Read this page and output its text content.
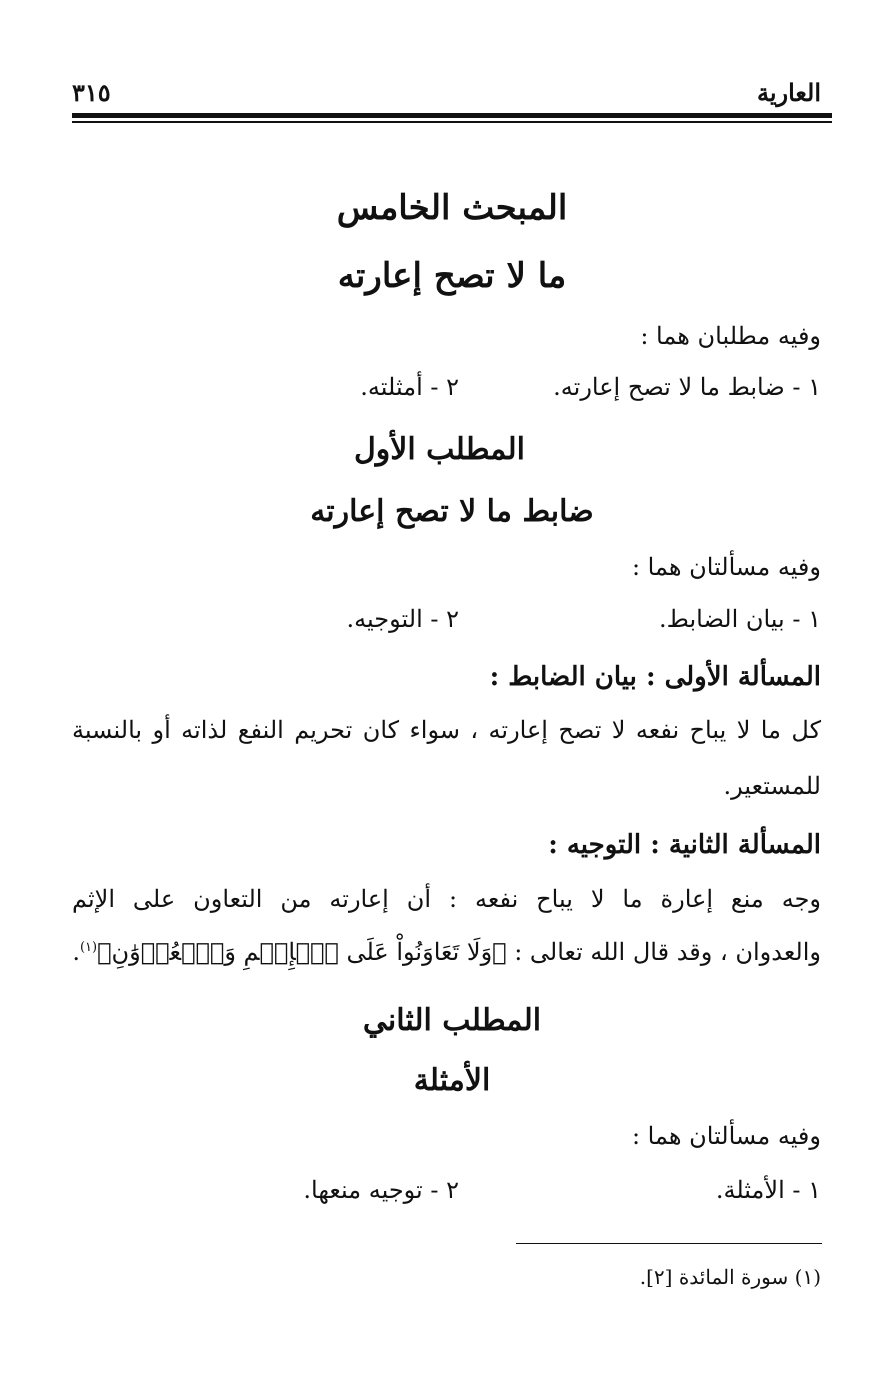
العارية
٣١٥
المبحث الخامس
ما لا تصح إعارته
وفيه مطلبان هما :
١ - ضابط ما لا تصح إعارته.
٢ - أمثلته.
المطلب الأول
ضابط ما لا تصح إعارته
وفيه مسألتان هما :
١ - بيان الضابط.
٢ - التوجيه.
المسألة الأولى : بيان الضابط :
كل ما لا يباح نفعه لا تصح إعارته ، سواء كان تحريم النفع لذاته أو بالنسبة
للمستعير.
المسألة الثانية : التوجيه :
وجه منع إعارة ما لا يباح نفعه : أن إعارته من التعاون على الإثم
والعدوان ، وقد قال الله تعالى : ﴿وَلَا تَعَاوَنُواْ عَلَى ٱلۡإِثۡمِ وَٱلۡعُدۡوَٰنِ﴾$^{(١)}$.
المطلب الثاني
الأمثلة
وفيه مسألتان هما :
١ - الأمثلة.
٢ - توجيه منعها.
(١) سورة المائدة [٢].
